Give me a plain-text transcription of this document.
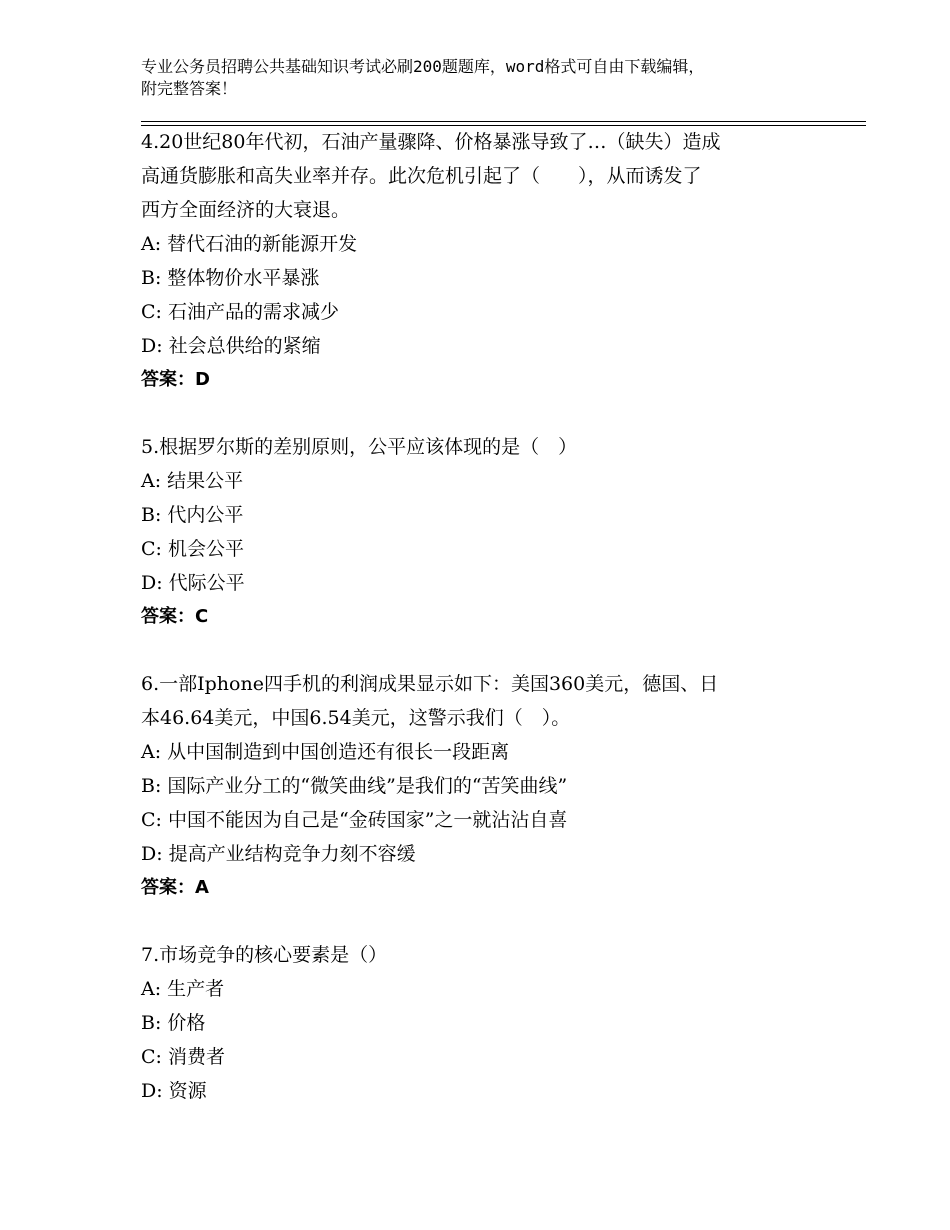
专业公务员招聘公共基础知识考试必刷200题题库，word格式可自由下载编辑，
附完整答案！
4.20世纪80年代初，石油产量骤降、价格暴涨导致了…（缺失）造成
高通货膨胀和高失业率并存。此次危机引起了（　　），从而诱发了
西方全面经济的大衰退。
A: 替代石油的新能源开发
B: 整体物价水平暴涨
C: 石油产品的需求减少
D: 社会总供给的紧缩
答案：D
5.根据罗尔斯的差别原则，公平应该体现的是（　）
A: 结果公平
B: 代内公平
C: 机会公平
D: 代际公平
答案：C
6.一部Iphone四手机的利润成果显示如下：美国360美元，德国、日
本46.64美元，中国6.54美元，这警示我们（　）。
A: 从中国制造到中国创造还有很长一段距离
B: 国际产业分工的“微笑曲线”是我们的“苦笑曲线”
C: 中国不能因为自己是“金砖国家”之一就沾沾自喜
D: 提高产业结构竞争力刻不容缓
答案：A
7.市场竞争的核心要素是（）
A: 生产者
B: 价格
C: 消费者
D: 资源
